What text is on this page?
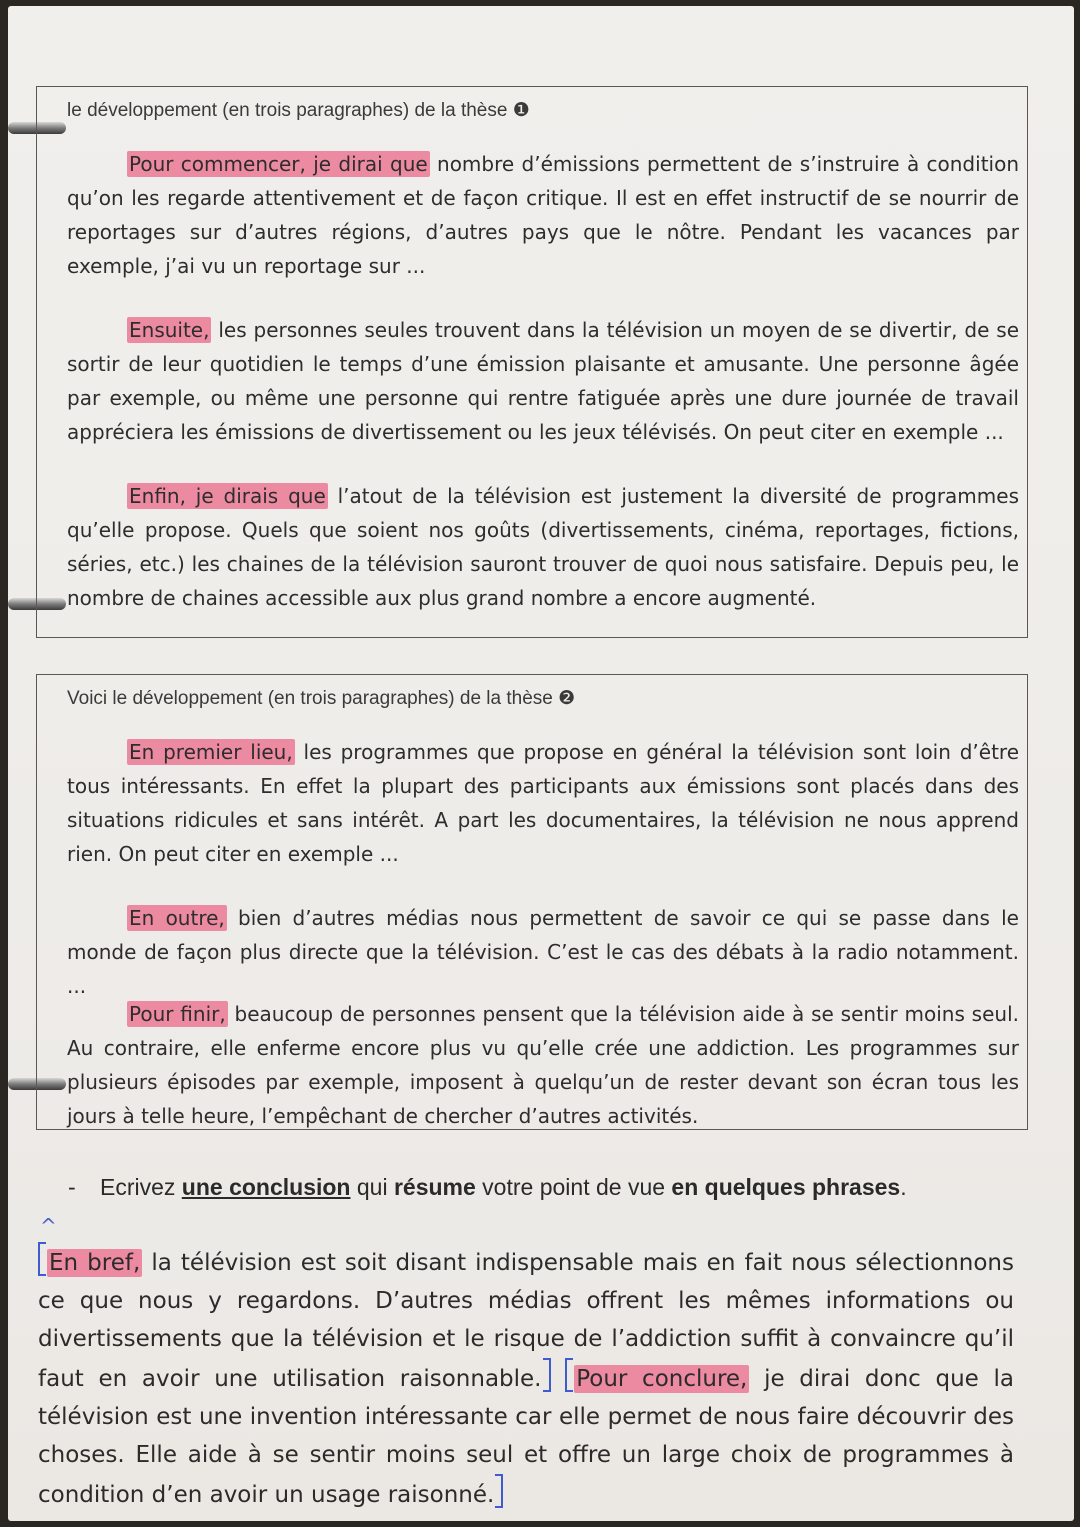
le développement (en trois paragraphes) de la thèse ❶

Pour commencer, je dirai que nombre d’émissions permettent de s’instruire à condition qu’on les regarde attentivement et de façon critique. Il est en effet instructif de se nourrir de reportages sur d’autres régions, d’autres pays que le nôtre. Pendant les vacances par exemple, j’ai vu un reportage sur ...

Ensuite, les personnes seules trouvent dans la télévision un moyen de se divertir, de se sortir de leur quotidien le temps d’une émission plaisante et amusante. Une personne âgée par exemple, ou même une personne qui rentre fatiguée après une dure journée de travail appréciera les émissions de divertissement ou les jeux télévisés. On peut citer en exemple ...

Enfin, je dirais que l’atout de la télévision est justement la diversité de programmes qu’elle propose. Quels que soient nos goûts (divertissements, cinéma, reportages, fictions, séries, etc.) les chaines de la télévision sauront trouver de quoi nous satisfaire. Depuis peu, le nombre de chaines accessible aux plus grand nombre a encore augmenté.

Voici le développement (en trois paragraphes) de la thèse ❷

En premier lieu, les programmes que propose en général la télévision sont loin d’être tous intéressants. En effet la plupart des participants aux émissions sont placés dans des situations ridicules et sans intérêt. A part les documentaires, la télévision ne nous apprend rien. On peut citer en exemple ...

En outre, bien d’autres médias nous permettent de savoir ce qui se passe dans le monde de façon plus directe que la télévision. C’est le cas des débats à la radio notamment. ...

Pour finir, beaucoup de personnes pensent que la télévision aide à se sentir moins seul. Au contraire, elle enferme encore plus vu qu’elle crée une addiction. Les programmes sur plusieurs épisodes par exemple, imposent à quelqu’un de rester devant son écran tous les jours à telle heure, l’empêchant de chercher d’autres activités.

- Ecrivez une conclusion qui résume votre point de vue en quelques phrases.
^

En bref, la télévision est soit disant indispensable mais en fait nous sélectionnons ce que nous y regardons. D’autres médias offrent les mêmes informations ou divertissements que la télévision et le risque de l’addiction suffit à convaincre qu’il faut en avoir une utilisation raisonnable. Pour conclure, je dirai donc que la télévision est une invention intéressante car elle permet de nous faire découvrir des choses. Elle aide à se sentir moins seul et offre un large choix de programmes à condition d’en avoir un usage raisonné.
